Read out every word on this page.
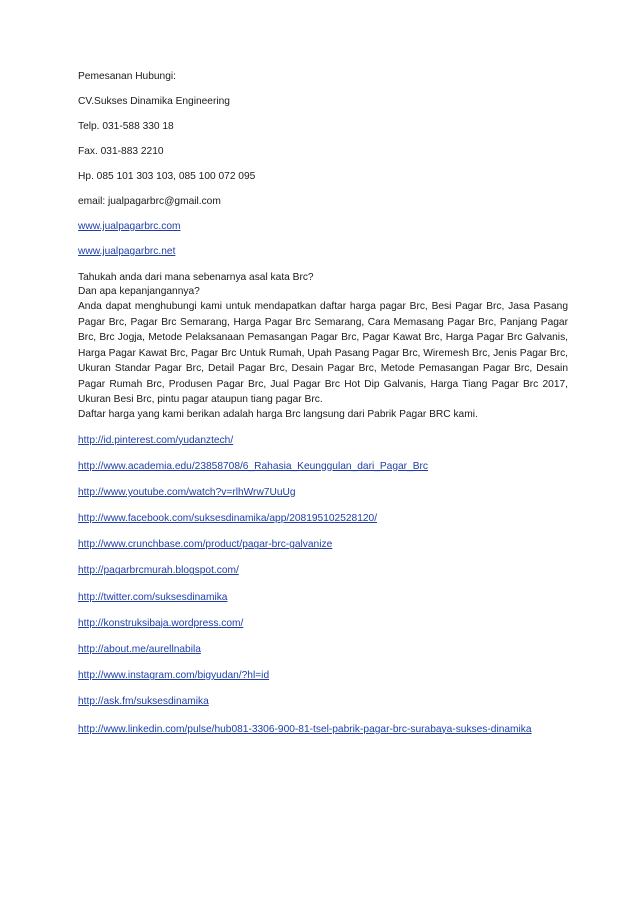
Pemesanan Hubungi:

CV.Sukses Dinamika Engineering

Telp. 031-588 330 18

Fax. 031-883 2210

Hp. 085 101 303 103, 085 100 072 095

email: jualpagarbrc@gmail.com

www.jualpagarbrc.com

www.jualpagarbrc.net

Tahukah anda dari mana sebenarnya asal kata Brc?

Dan apa kepanjangannya?

Anda dapat menghubungi kami untuk mendapatkan daftar harga pagar Brc, Besi Pagar Brc, Jasa Pasang Pagar Brc, Pagar Brc Semarang, Harga Pagar Brc Semarang, Cara Memasang Pagar Brc, Panjang Pagar Brc, Brc Jogja, Metode Pelaksanaan Pemasangan Pagar Brc, Pagar Kawat Brc, Harga Pagar Brc Galvanis, Harga Pagar Kawat Brc, Pagar Brc Untuk Rumah, Upah Pasang Pagar Brc, Wiremesh Brc, Jenis Pagar Brc, Ukuran Standar Pagar Brc, Detail Pagar Brc, Desain Pagar Brc, Metode Pemasangan Pagar Brc, Desain Pagar Rumah Brc, Produsen Pagar Brc, Jual Pagar Brc Hot Dip Galvanis, Harga Tiang Pagar Brc 2017, Ukuran Besi Brc, pintu pagar ataupun tiang pagar Brc.

Daftar harga yang kami berikan adalah harga Brc langsung dari Pabrik Pagar BRC kami.

http://id.pinterest.com/yudanztech/

http://www.academia.edu/23858708/6_Rahasia_Keunggulan_dari_Pagar_Brc

http://www.youtube.com/watch?v=rlhWrw7UuUg

http://www.facebook.com/suksesdinamika/app/208195102528120/

http://www.crunchbase.com/product/pagar-brc-galvanize

http://pagarbrcmurah.blogspot.com/

http://twitter.com/suksesdinamika

http://konstruksibaja.wordpress.com/

http://about.me/aurellnabila

http://www.instagram.com/bigyudan/?hl=id

http://ask.fm/suksesdinamika

http://www.linkedin.com/pulse/hub081-3306-900-81-tsel-pabrik-pagar-brc-surabaya-sukses-dinamika
